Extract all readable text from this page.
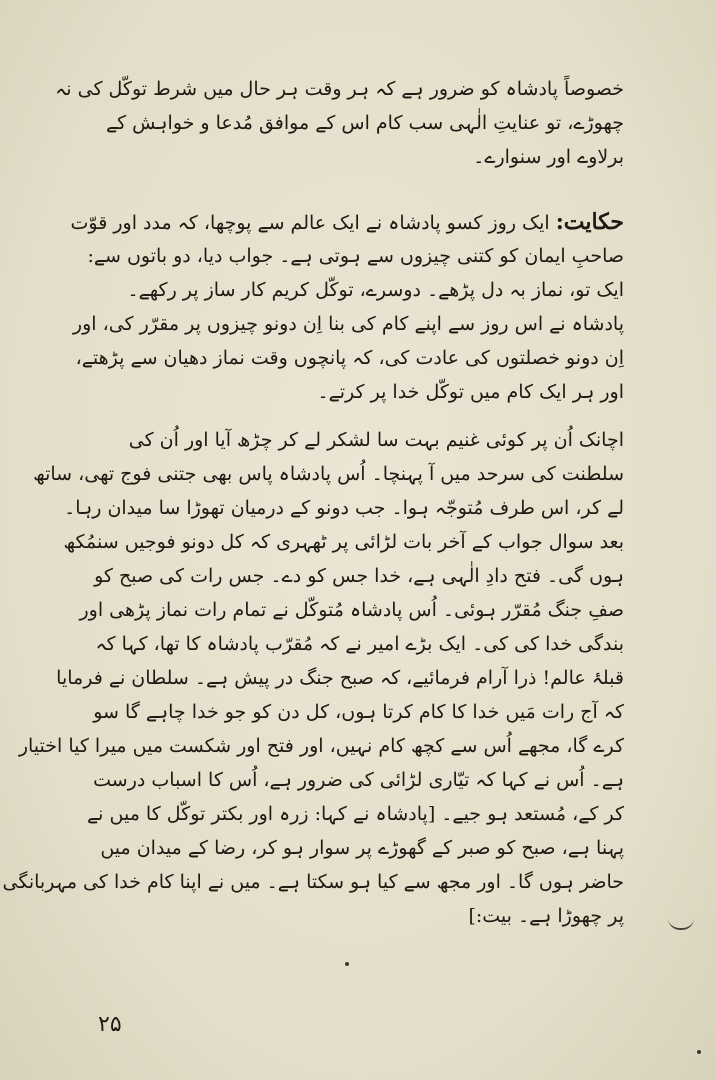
خصوصاً پادشاہ کو ضرور ہے کہ ہر وقت ہر حال میں شرط توکّل کی نہ
چھوڑے، تو عنایتِ الٰہی سب کام اس کے موافق مُدعا و خواہش کے
برلاوے اور سنوارے۔
حکایت: ایک روز کسو پادشاہ نے ایک عالم سے پوچھا، کہ مدد اور قوّت
صاحبِ ایمان کو کتنی چیزوں سے ہوتی ہے۔ جواب دیا، دو باتوں سے:
ایک تو، نماز بہ دل پڑھے۔ دوسرے، توکّل کریم کار ساز پر رکھے۔
پادشاہ نے اس روز سے اپنے کام کی بنا اِن دونو چیزوں پر مقرّر کی، اور
اِن دونو خصلتوں کی عادت کی، کہ پانچوں وقت نماز دھیان سے پڑھتے،
اور ہر ایک کام میں توکّل خدا پر کرتے۔
اچانک اُن پر کوئی غنیم بہت سا لشکر لے کر چڑھ آیا اور اُن کی
سلطنت کی سرحد میں آ پہنچا۔ اُس پادشاہ پاس بھی جتنی فوج تھی، ساتھ
لے کر، اس طرف مُتوجّہ ہوا۔ جب دونو کے درمیان تھوڑا سا میدان رہا۔
بعد سوال جواب کے آخر بات لڑائی پر ٹھہری کہ کل دونو فوجیں سنمُکھ
ہوں گی۔ فتح دادِ الٰہی ہے، خدا جس کو دے۔ جس رات کی صبح کو
صفِ جنگ مُقرّر ہوئی۔ اُس پادشاہ مُتوکّل نے تمام رات نماز پڑھی اور
بندگی خدا کی کی۔ ایک بڑے امیر نے کہ مُقرّب پادشاہ کا تھا، کہا کہ
قبلۂ عالم! ذرا آرام فرمائیے، کہ صبح جنگ در پیش ہے۔ سلطان نے فرمایا
کہ آج رات مَیں خدا کا کام کرتا ہوں، کل دن کو جو خدا چاہے گا سو
کرے گا، مجھے اُس سے کچھ کام نہیں، اور فتح اور شکست میں میرا کیا اختیار
ہے۔ اُس نے کہا کہ تیّاری لڑائی کی ضرور ہے، اُس کا اسباب درست
کر کے، مُستعد ہو جیے۔ [پادشاہ نے کہا: زرہ اور بکتر توکّل کا میں نے
پہنا ہے، صبح کو صبر کے گھوڑے پر سوار ہو کر، رضا کے میدان میں
حاضر ہوں گا۔ اور مجھ سے کیا ہو سکتا ہے۔ میں نے اپنا کام خدا کی مہربانگی
پر چھوڑا ہے۔ بیت:]
۲۵
